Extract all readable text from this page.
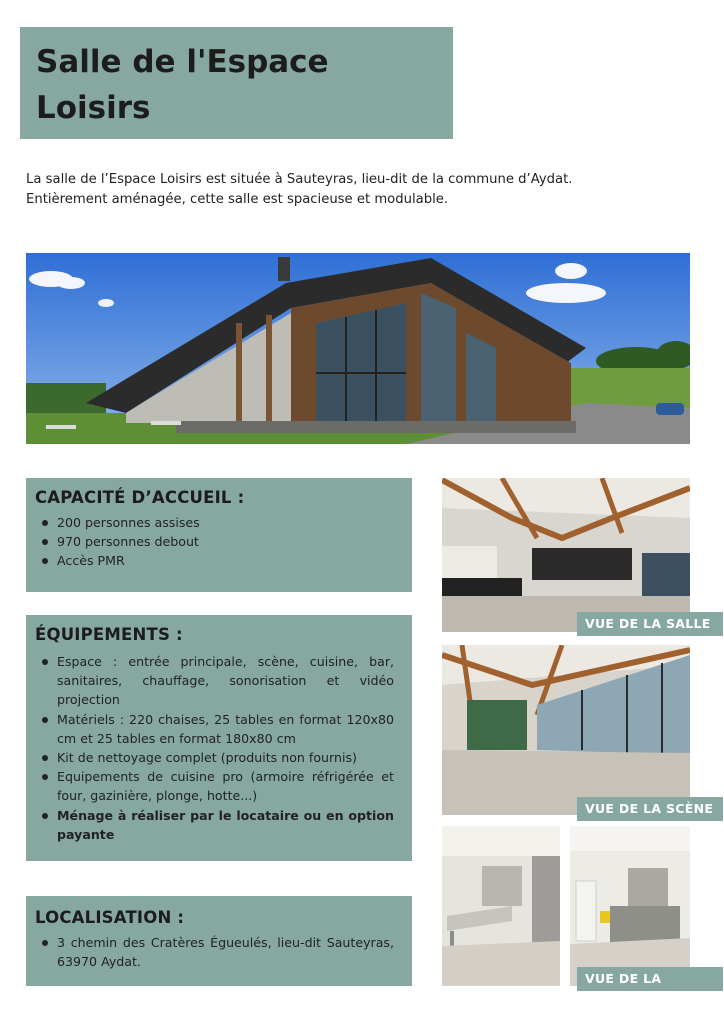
Salle de l'Espace
Loisirs
La salle de l’Espace Loisirs est située à Sauteyras, lieu-dit de la commune d’Aydat.
Entièrement aménagée, cette salle est spacieuse et modulable.
CAPACITÉ D’ACCUEIL :
200 personnes assises
970 personnes debout
Accès PMR
ÉQUIPEMENTS :
Espace : entrée principale, scène, cuisine, bar, sanitaires, chauffage, sonorisation et vidéo projection
Matériels : 220 chaises, 25 tables en format 120x80 cm et 25 tables en format 180x80 cm
Kit de nettoyage complet (produits non fournis)
Equipements de cuisine pro (armoire réfrigérée et four, gazinière, plonge, hotte...)
Ménage à réaliser par le locataire ou en option payante
LOCALISATION :
3 chemin des Cratères Égueulés, lieu-dit Sauteyras, 63970 Aydat.
VUE DE LA SALLE
VUE DE LA SCÈNE
VUE DE LA CUISINE
